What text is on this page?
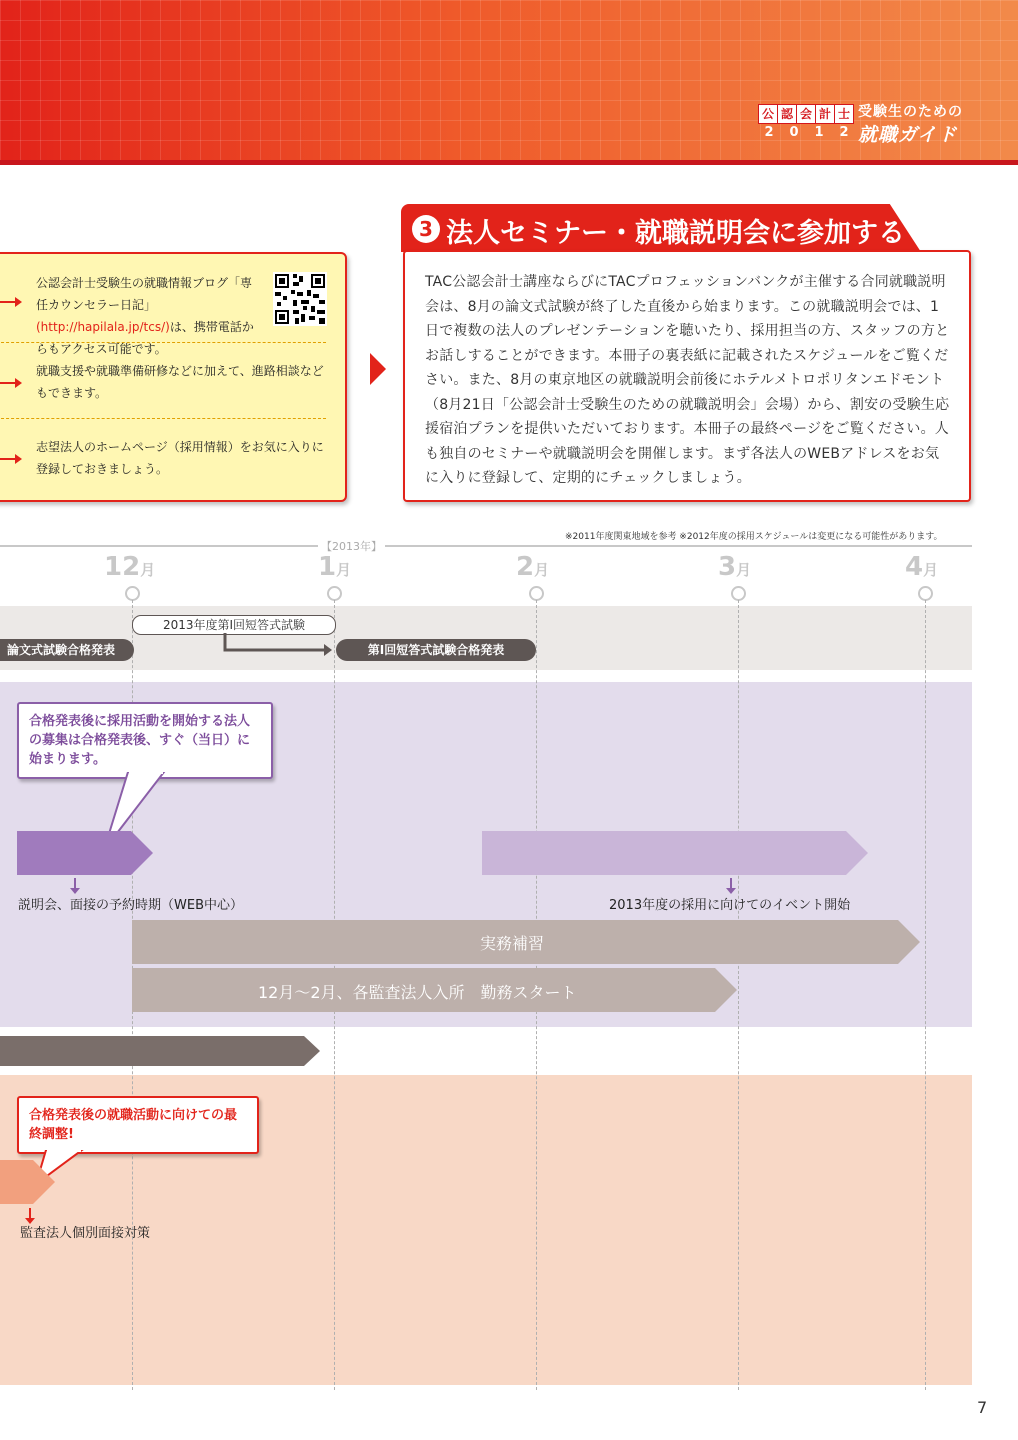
公 認 会 計 士
2	0	1	2
受験生のための
就職ガイド
公認会計士受験生の就職情報ブログ「専任カウンセラー日記」(http://hapilala.jp/tcs/)は、携帯電話からもアクセス可能です。
就職支援や就職準備研修などに加えて、進路相談などもできます。
志望法人のホームページ（採用情報）をお気に入りに登録しておきましょう。
3 法人セミナー・就職説明会に参加する
TAC公認会計士講座ならびにTACプロフェッションバンクが主催する合同就職説明会は、8月の論文式試験が終了した直後から始まります。この就職説明会では、1日で複数の法人のプレゼンテーションを聴いたり、採用担当の方、スタッフの方とお話しすることができます。本冊子の裏表紙に記載されたスケジュールをご覧ください。また、8月の東京地区の就職説明会前後にホテルメトロポリタンエドモント（8月21日「公認会計士受験生のための就職説明会」会場）から、割安の受験生応援宿泊プランを提供いただいております。本冊子の最終ページをご覧ください。人も独自のセミナーや就職説明会を開催します。まず各法人のWEBアドレスをお気に入りに登録して、定期的にチェックしましょう。
※2011年度関東地域を参考 ※2012年度の採用スケジュールは変更になる可能性があります。
【2013年】
12月	1月	2月	3月	4月
2013年度第Ⅰ回短答式試験
論文式試験合格発表	第Ⅰ回短答式試験合格発表
合格発表後に採用活動を開始する法人の募集は合格発表後、すぐ（当日）に始まります。
説明会、面接の予約時期（WEB中心）	2013年度の採用に向けてのイベント開始
実務補習
12月～2月、各監査法人入所　勤務スタート
合格発表後の就職活動に向けての最終調整!
監査法人個別面接対策
7
